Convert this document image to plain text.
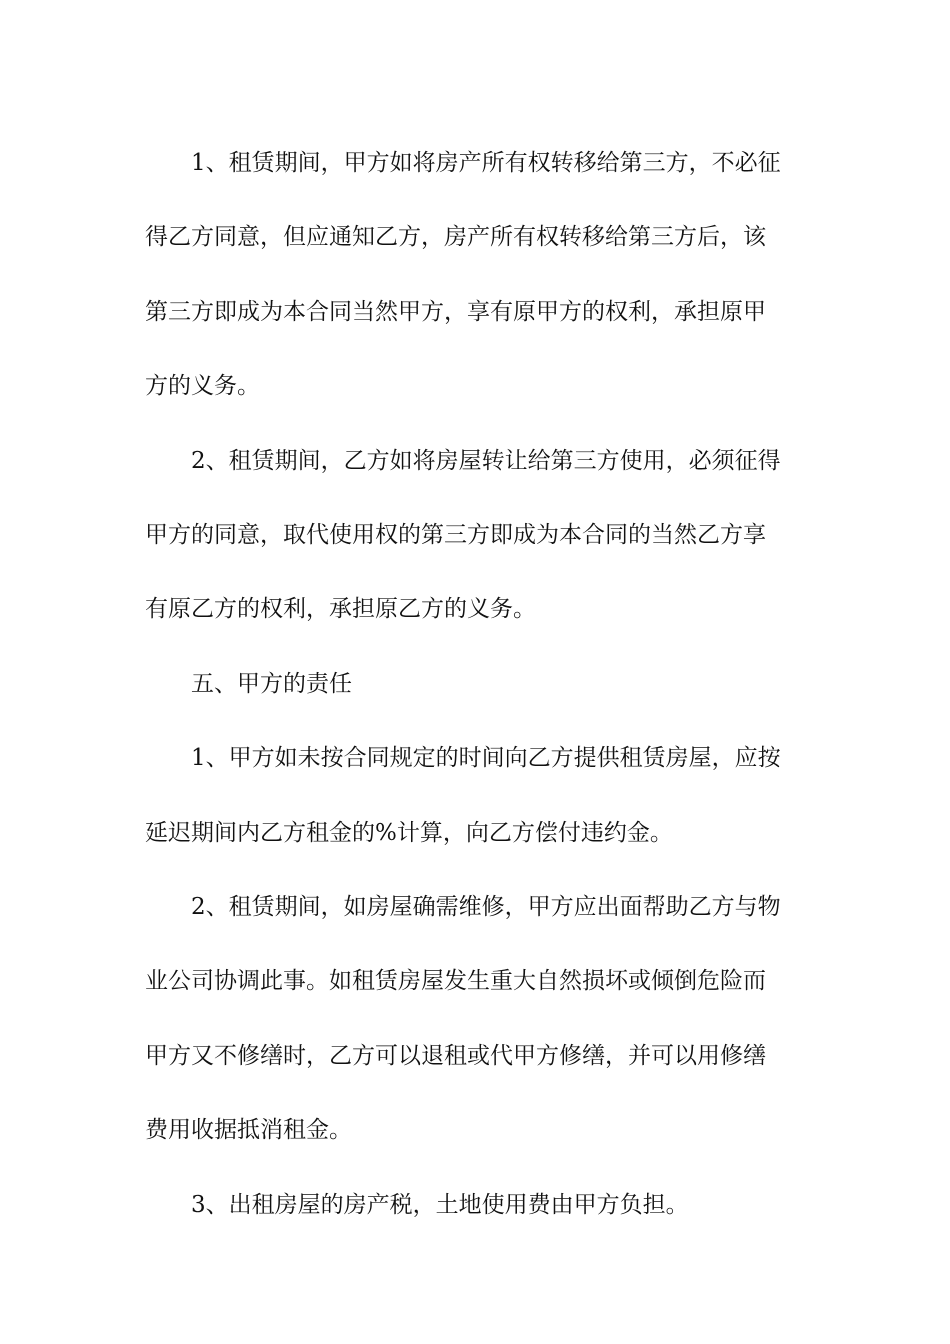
1、租赁期间，甲方如将房产所有权转移给第三方，不必征
得乙方同意，但应通知乙方，房产所有权转移给第三方后，该
第三方即成为本合同当然甲方，享有原甲方的权利，承担原甲
方的义务。
2、租赁期间，乙方如将房屋转让给第三方使用，必须征得
甲方的同意，取代使用权的第三方即成为本合同的当然乙方享
有原乙方的权利，承担原乙方的义务。
五、甲方的责任
1、甲方如未按合同规定的时间向乙方提供租赁房屋，应按
延迟期间内乙方租金的%计算，向乙方偿付违约金。
2、租赁期间，如房屋确需维修，甲方应出面帮助乙方与物
业公司协调此事。如租赁房屋发生重大自然损坏或倾倒危险而
甲方又不修缮时，乙方可以退租或代甲方修缮，并可以用修缮
费用收据抵消租金。
3、出租房屋的房产税，土地使用费由甲方负担。
